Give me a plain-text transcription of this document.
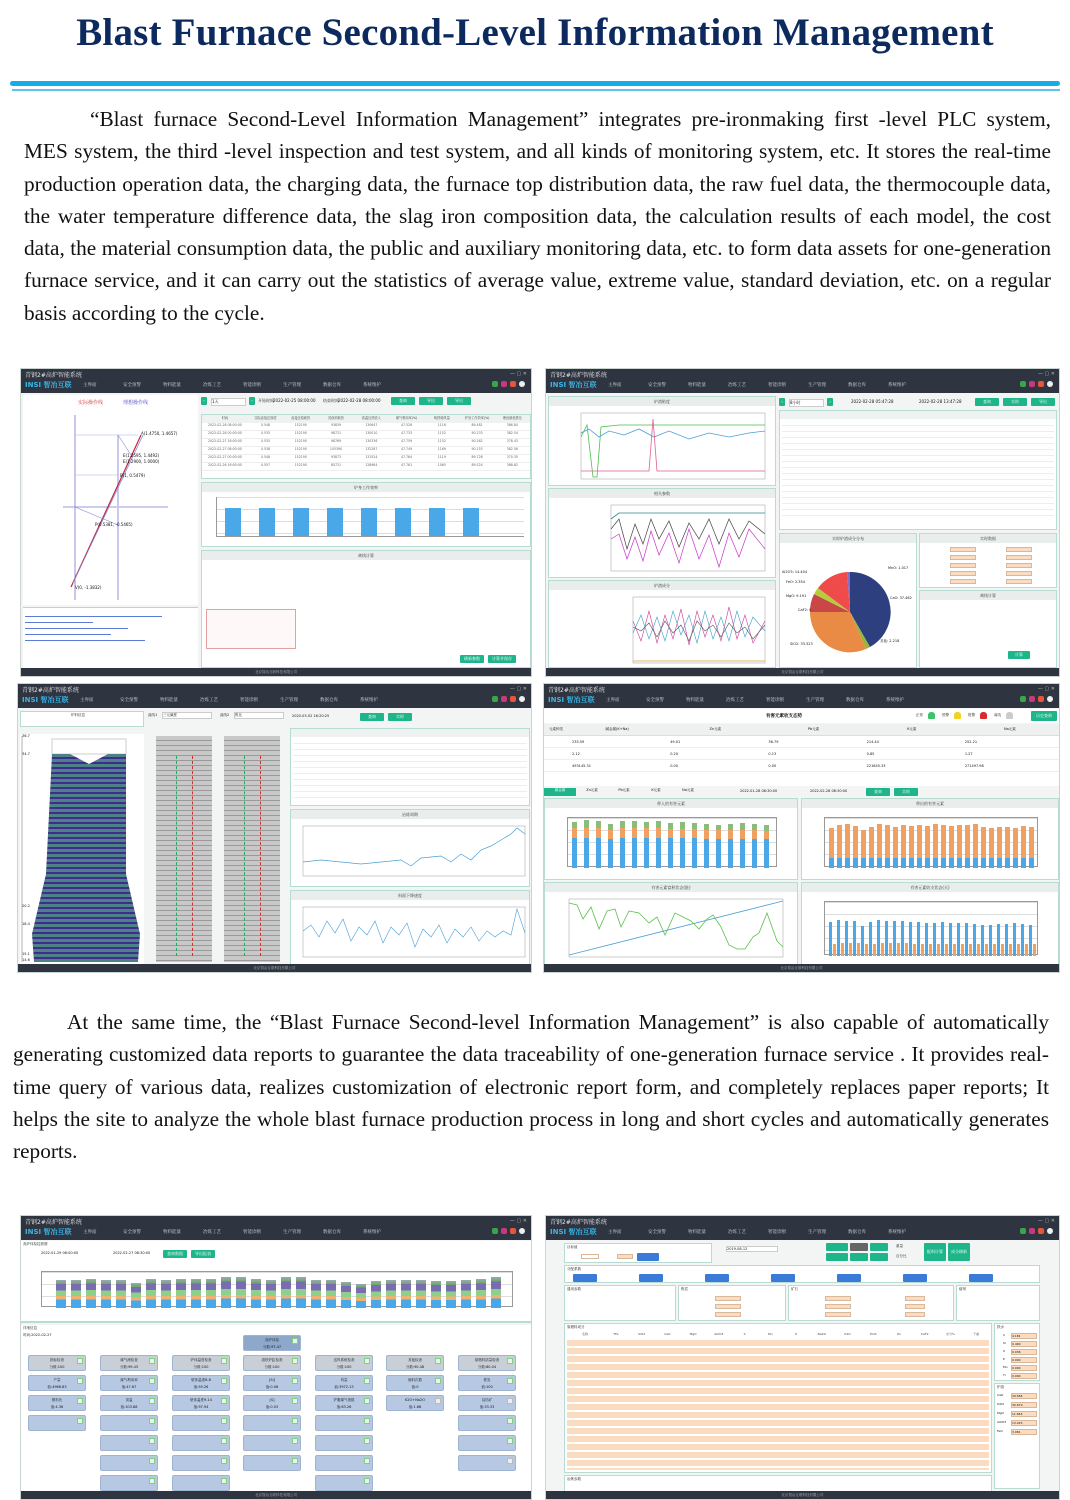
Blast Furnace Second-Level Information Management

“Blast furnace Second-Level Information Management” integrates pre-ironmaking first -level PLC system, MES system, the third -level inspection and test system, and all kinds of monitoring system, etc. It stores the real-time production operation data, the charging data, the furnace top distribution data, the raw fuel data, the thermocouple data, the water temperature difference data, the slag iron composition data, the calculation results of each model, the cost data, the material consumption data, the public and auxiliary monitoring data, etc. to form data assets for one-generation furnace service, and it can carry out the statistics of average value, extreme value, standard deviation, etc. on a regular basis according to the cycle.

青钢2#高炉智能系统
INSI 智冶互联	主界面	安全预警	物料能量	冶炼工艺	智能诊断	生产管理	数据仓库	系统维护
— ▢ ✕
实际操作线	理想操作线
A(1.4750, 1.4657)
E(1.2595, 1.4492)
E(1.2900, 1.0000)
B(1, 0.5479)
P(0.5381, -0.5465)
V(0, -1.3832)
‹	1天	›	开始时间 2022-02-25 08:00:00 结束时间 2022-02-28 08:00:00	查询	导出	导出
时间	实际直接还原度	直接还原耗热	其他项耗热	高温区热收入	煤气利用率(%)	吨铁耗风量	炉身工作效率(%)	理论最低焦比
2022-02-28 08:00:00	0.548	152190	93839	130647	47.526	1116	89.481	386.84
2022-02-28 00:00:00	0.535	152190	98721	130010	47.733	1152	90.233	382.54
2022-02-27 16:00:00	0.535	152190	98769	130336	47.759	1152	90.262	378.43
2022-02-27 08:00:00	0.538	152190	105390	132287	47.749	1169	90.153	382.56
2022-02-27 00:00:00	0.548	152190	93873	131524	47.764	1119	89.728	370.35
2022-02-26 16:00:00	0.557	152190	85721	128964	47.761	1065	89.524	368.62
炉身工作效率
离线计算
刷新参数	计算并保存
北京智冶互联科技有限公司
青钢2#高炉智能系统
INSI 智冶互联	主界面	安全预警	物料能量	冶炼工艺	智能诊断	生产管理	数据仓库	系统维护
— ▢ ✕
炉渣粘度
相关参数
炉渣成分
‹	8小时	›	2022-02-28 05:47:28	2022-02-28 13:47:28	查询	实时	导出
实时炉渣成分分布
Al2O3: 14.404
FeO: 2.354
MgO: 9.191
CaF2: 0
SiO2: 33.323
MnO: 1.017
CaO: 37.462
其他: 2.218
实时数据
离线计算
计算
北京智冶互联科技有限公司
青钢2#高炉智能系统
INSI 智冶互联	主界面	安全预警	物料能量	冶炼工艺	智能诊断	生产管理	数据仓库	系统维护
— ▢ ✕
炉料信息
36.7
34.7
20.2
18.4
15.1
14.6
曲线1 三元碱度	曲线2 焦比	2020-03-02 16:20:25	查询	实时
冶炼周期
料面下降速度
北京智冶互联科技有限公司
青钢2#高炉智能系统
INSI 智冶互联	主界面	安全预警	物料能量	冶炼工艺	智能诊断	生产管理	数据仓库	系统维护
— ▢ ✕
有害元素收支态势	正常	预警	报警	离线	历史查询
元素种类	碱金属(K+Na)	Zn元素	Pb元素	K元素	Na元素
235.59	49.01	36.79	214.44	252.21
2.12	0.20	0.13	0.85	1.27
493145.31	0.00	0.00	221645.33	271497.98
碱金属	Zn元素	Pb元素	K元素	Na元素	2022-01-28 08:30:00	2022-02-28 08:30:00	查询	实时
带入的有害元素	带出的有害元素
有害元素富积状态(批)	有害元素收支状态(天)
北京智冶互联科技有限公司

At the same time, the “Blast Furnace Second-level Information Management” is also capable of automatically generating customized data reports to guarantee the data traceability of one-generation furnace service . It provides real-time query of various data, realizes customization of electronic report form, and completely replaces paper reports; It helps the site to analyze the whole blast furnace production process in long and short cycles and automatically generates reports.

青钢2#高炉智能系统
INSI 智冶互联	主界面	安全预警	物料能量	冶炼工艺	智能诊断	生产管理	数据仓库	系统维护
— ▢ ✕
高炉体检趋势图
2022-01-29 08:00:00	2022-02-27 08:30:00	查询数据	导出报表
详细信息
时间:2022-02-27
高炉体检
分数:97.47
指标检查
分数:100
煤气流检查
分数:99.43
炉体温度检查
分数:100
渣铁炉缸检查
分数:100
送风系统检查
分数:100
其他检查
分数:90.48
原燃料质量检查
分数:80.04
产量
值:4966.83
煤气利用率
值:47.67
壁体温度6-8
值:59.26
[Si]
值:0.06
风量
值:3972.13
崩料次数
值:0
焦炭
值:100
燃料比
值:4.36
顶温
值:103.88
壁体温度9-14
值:97.94
[S]
值:0.03
炉腹煤气指数
值:63.26
K2O+Na2O
值:1.68
烧结矿
值:33.33
北京智冶互联科技有限公司
青钢2#高炉智能系统
INSI 智冶互联	主界面	安全预警	物料能量	冶炼工艺	智能诊断	生产管理	数据仓库	系统维护
— ▢ ✕
目标值	2019-08-12
重量
百分比
配料计算	成分刷新
分配系数
通用参数	焦炭	矿石	熔剂
原燃料成分
名称	TFe	SiO2	CaO	MgO	Al2O3	S	Mn	P	Na2O	K2O	TiO2	Zn	CaF2	水分%	干重
铁水
C	4.181
Si	0.400
S	0.036
P	0.000
Mn	0.000
Ti	0.000
炉渣
CaO	39.584
SiO2	30.679
MgO	11.844
Al2O3	13.425
FeO	3.081
冶炼参数
北京智冶互联科技有限公司
